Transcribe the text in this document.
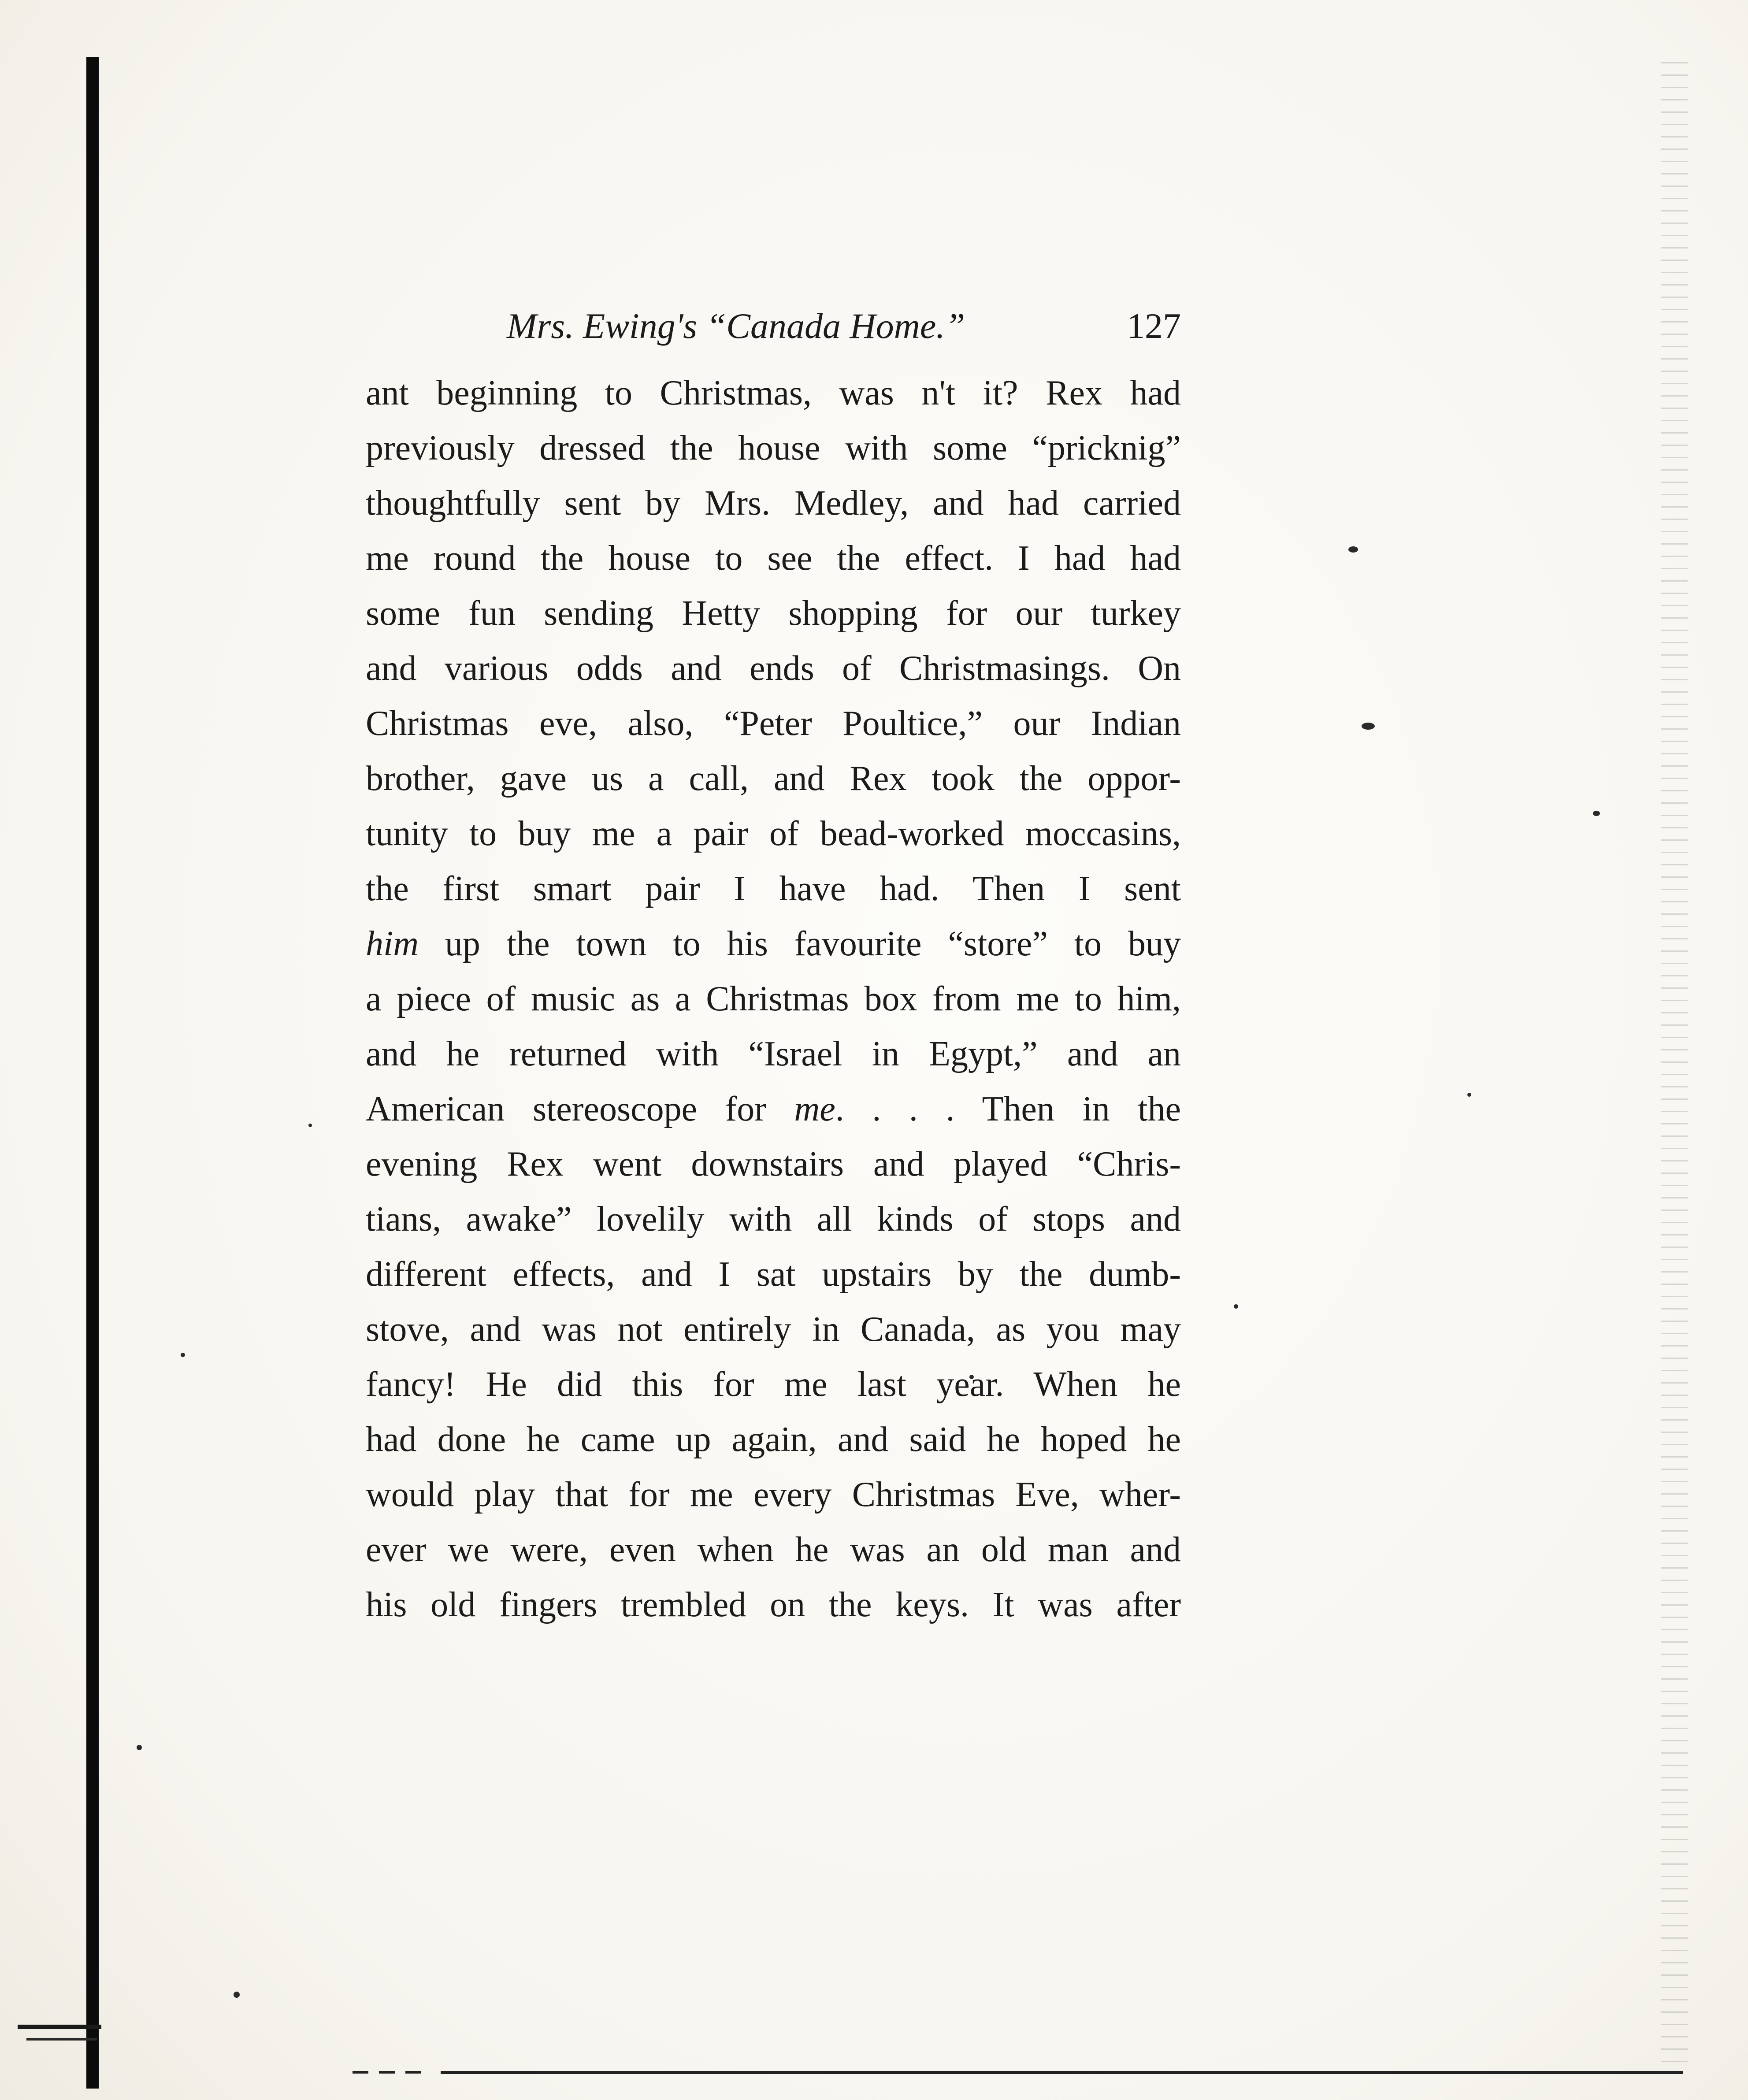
Mrs. Ewing's “Canada Home.”	127
ant beginning to Christmas, was n't it? Rex had
previously dressed the house with some “pricknig”
thoughtfully sent by Mrs. Medley, and had carried
me round the house to see the effect. I had had
some fun sending Hetty shopping for our turkey
and various odds and ends of Christmasings. On
Christmas eve, also, “Peter Poultice,” our Indian
brother, gave us a call, and Rex took the oppor-
tunity to buy me a pair of bead-worked moccasins,
the first smart pair I have had. Then I sent
him up the town to his favourite “store” to buy
a piece of music as a Christmas box from me to him,
and he returned with “Israel in Egypt,” and an
American stereoscope for me. . . . Then in the
evening Rex went downstairs and played “Chris-
tians, awake” lovelily with all kinds of stops and
different effects, and I sat upstairs by the dumb-
stove, and was not entirely in Canada, as you may
fancy! He did this for me last year. When he
had done he came up again, and said he hoped he
would play that for me every Christmas Eve, wher-
ever we were, even when he was an old man and
his old fingers trembled on the keys. It was after
